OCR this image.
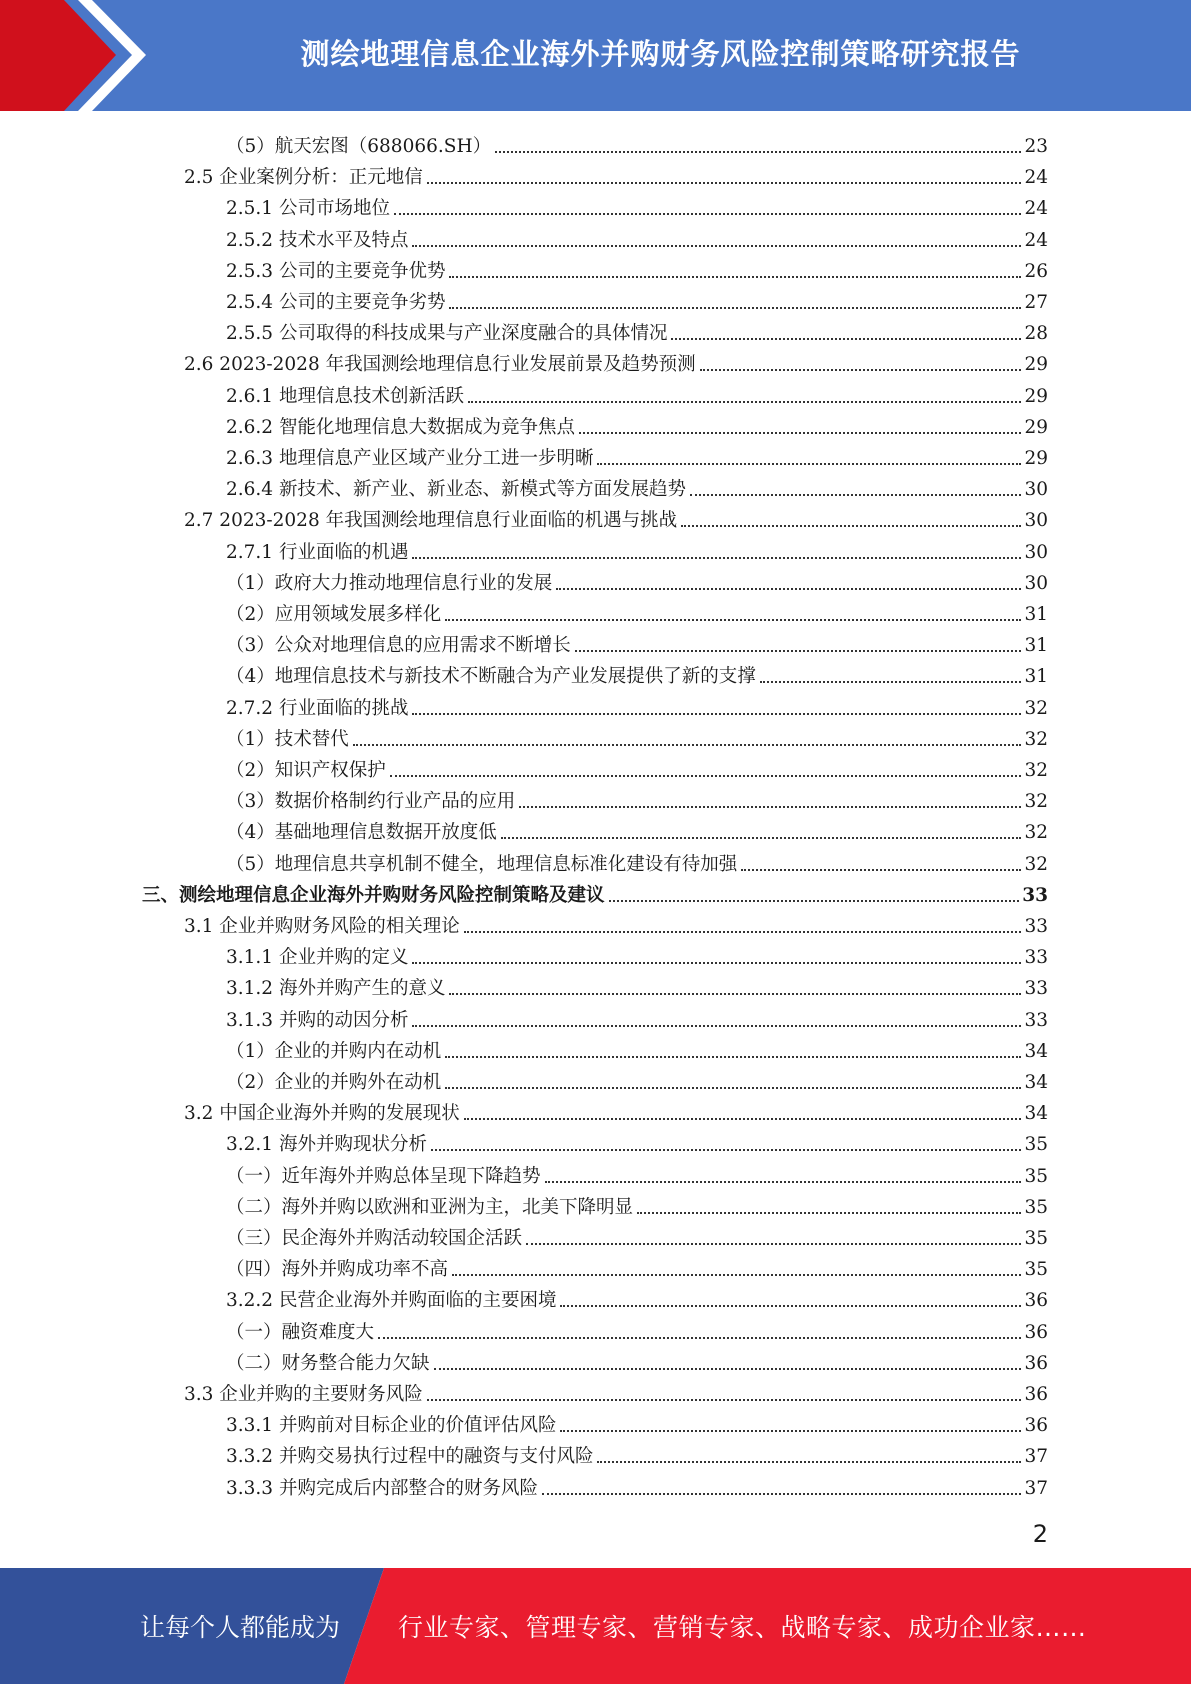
测绘地理信息企业海外并购财务风险控制策略研究报告
（5）航天宏图（688066.SH）	23
2.5 企业案例分析：正元地信	24
2.5.1 公司市场地位	24
2.5.2 技术水平及特点	24
2.5.3 公司的主要竞争优势	26
2.5.4 公司的主要竞争劣势	27
2.5.5 公司取得的科技成果与产业深度融合的具体情况	28
2.6 2023-2028 年我国测绘地理信息行业发展前景及趋势预测	29
2.6.1 地理信息技术创新活跃	29
2.6.2 智能化地理信息大数据成为竞争焦点	29
2.6.3 地理信息产业区域产业分工进一步明晰	29
2.6.4 新技术、新产业、新业态、新模式等方面发展趋势	30
2.7 2023-2028 年我国测绘地理信息行业面临的机遇与挑战	30
2.7.1 行业面临的机遇	30
（1）政府大力推动地理信息行业的发展	30
（2）应用领域发展多样化	31
（3）公众对地理信息的应用需求不断增长	31
（4）地理信息技术与新技术不断融合为产业发展提供了新的支撑	31
2.7.2 行业面临的挑战	32
（1）技术替代	32
（2）知识产权保护	32
（3）数据价格制约行业产品的应用	32
（4）基础地理信息数据开放度低	32
（5）地理信息共享机制不健全，地理信息标准化建设有待加强	32
三、测绘地理信息企业海外并购财务风险控制策略及建议	33
3.1 企业并购财务风险的相关理论	33
3.1.1 企业并购的定义	33
3.1.2 海外并购产生的意义	33
3.1.3 并购的动因分析	33
（1）企业的并购内在动机	34
（2）企业的并购外在动机	34
3.2 中国企业海外并购的发展现状	34
3.2.1 海外并购现状分析	35
（一）近年海外并购总体呈现下降趋势	35
（二）海外并购以欧洲和亚洲为主，北美下降明显	35
（三）民企海外并购活动较国企活跃	35
（四）海外并购成功率不高	35
3.2.2 民营企业海外并购面临的主要困境	36
（一）融资难度大	36
（二）财务整合能力欠缺	36
3.3 企业并购的主要财务风险	36
3.3.1 并购前对目标企业的价值评估风险	36
3.3.2 并购交易执行过程中的融资与支付风险	37
3.3.3 并购完成后内部整合的财务风险	37
2
让每个人都能成为 行业专家、管理专家、营销专家、战略专家、成功企业家……
